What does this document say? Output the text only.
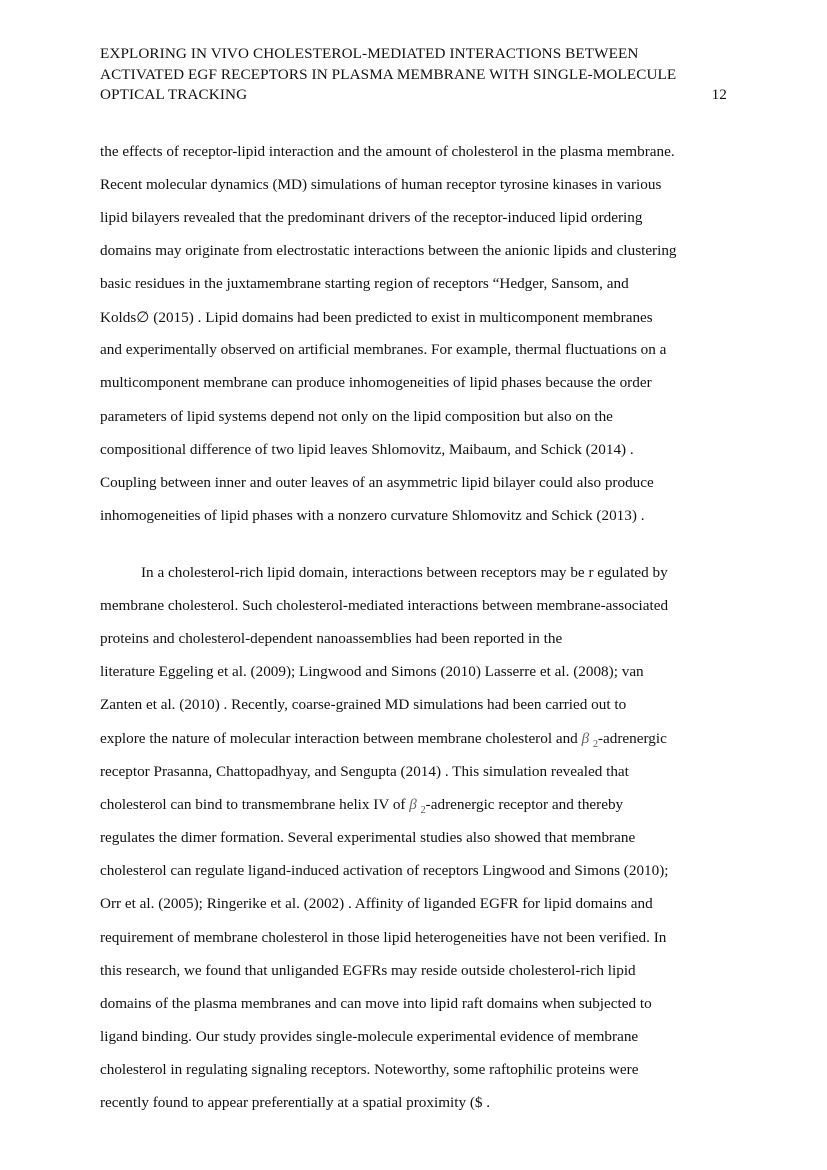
EXPLORING IN VIVO CHOLESTEROL-MEDIATED INTERACTIONS BETWEEN
ACTIVATED EGF RECEPTORS IN PLASMA MEMBRANE WITH SINGLE-MOLECULE
OPTICAL TRACKING	12
the effects of receptor-lipid interaction and the amount of cholesterol in the plasma membrane.
Recent molecular dynamics (MD) simulations of human receptor tyrosine kinases in various
lipid bilayers revealed that the predominant drivers of the receptor-induced lipid ordering
domains may originate from electrostatic interactions between the anionic lipids and clustering
basic residues in the juxtamembrane starting region of receptors “Hedger, Sansom, and
Kolds∅ (2015) . Lipid domains had been predicted to exist in multicomponent membranes
and experimentally observed on artificial membranes. For example, thermal fluctuations on a
multicomponent membrane can produce inhomogeneities of lipid phases because the order
parameters of lipid systems depend not only on the lipid composition but also on the
compositional difference of two lipid leaves Shlomovitz, Maibaum, and Schick (2014) .
Coupling between inner and outer leaves of an asymmetric lipid bilayer could also produce
inhomogeneities of lipid phases with a nonzero curvature Shlomovitz and Schick (2013) .
In a cholesterol-rich lipid domain, interactions between receptors may be r egulated by
membrane cholesterol. Such cholesterol-mediated interactions between membrane-associated
proteins and cholesterol-dependent nanoassemblies had been reported in the
literature Eggeling et al. (2009); Lingwood and Simons (2010) Lasserre et al. (2008); van
Zanten et al. (2010) . Recently, coarse-grained MD simulations had been carried out to
explore the nature of molecular interaction between membrane cholesterol and β $_2$-adrenergic
receptor Prasanna, Chattopadhyay, and Sengupta (2014) . This simulation revealed that
cholesterol can bind to transmembrane helix IV of β $_2$-adrenergic receptor and thereby
regulates the dimer formation. Several experimental studies also showed that membrane
cholesterol can regulate ligand-induced activation of receptors Lingwood and Simons (2010);
Orr et al. (2005); Ringerike et al. (2002) . Affinity of liganded EGFR for lipid domains and
requirement of membrane cholesterol in those lipid heterogeneities have not been verified. In
this research, we found that unliganded EGFRs may reside outside cholesterol-rich lipid
domains of the plasma membranes and can move into lipid raft domains when subjected to
ligand binding. Our study provides single-molecule experimental evidence of membrane
cholesterol in regulating signaling receptors. Noteworthy, some raftophilic proteins were
recently found to appear preferentially at a spatial proximity ($ .
